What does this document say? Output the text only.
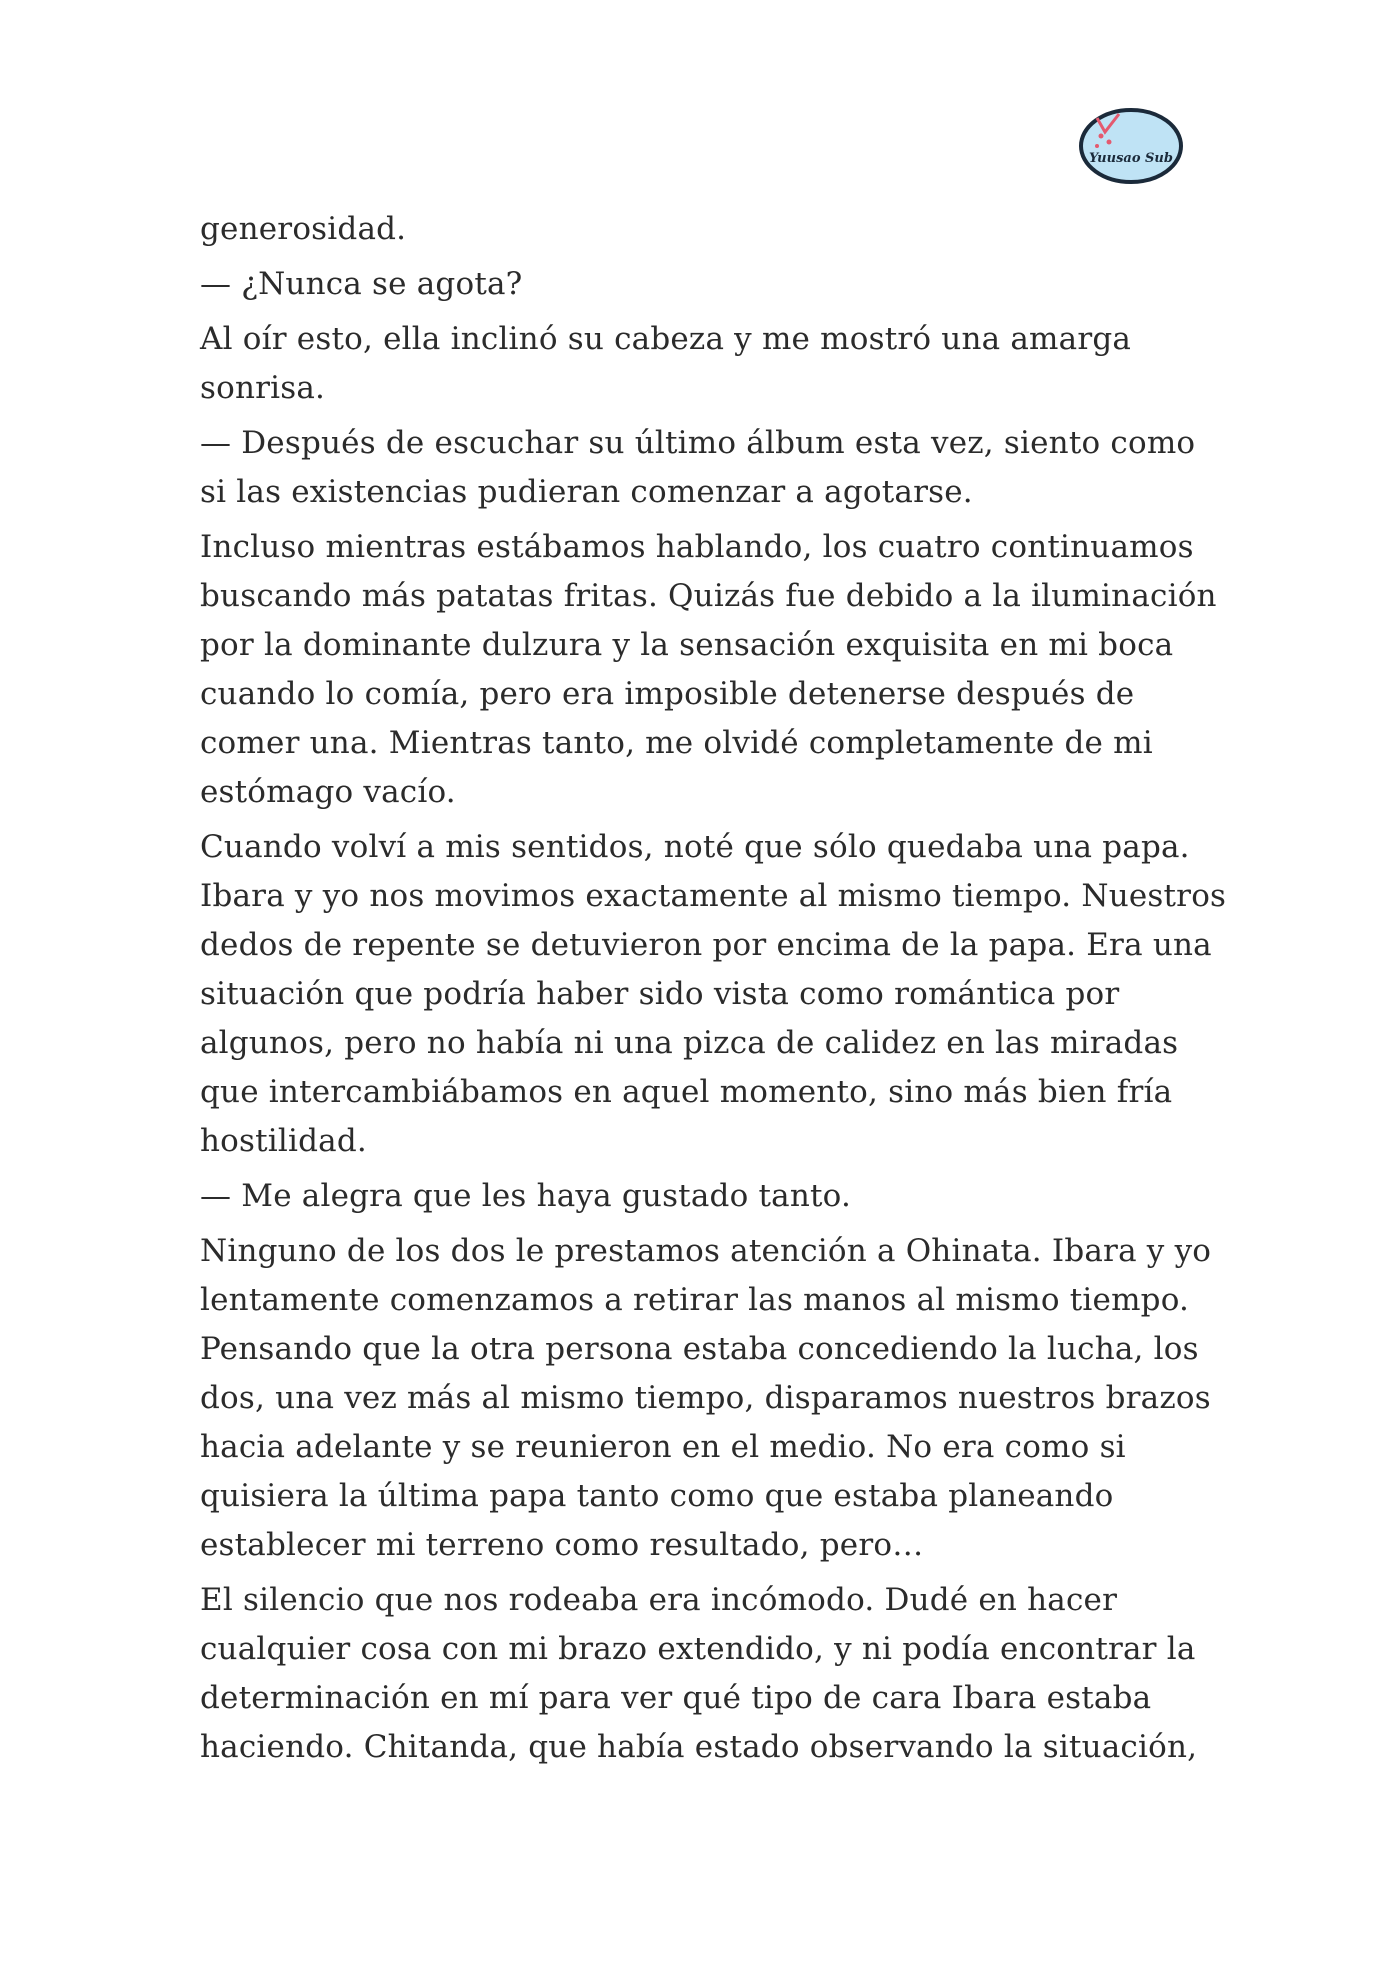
Yuusao Sub

generosidad.

— ¿Nunca se agota?

Al oír esto, ella inclinó su cabeza y me mostró una amarga
sonrisa.

— Después de escuchar su último álbum esta vez, siento como
si las existencias pudieran comenzar a agotarse.

Incluso mientras estábamos hablando, los cuatro continuamos
buscando más patatas fritas. Quizás fue debido a la iluminación
por la dominante dulzura y la sensación exquisita en mi boca
cuando lo comía, pero era imposible detenerse después de
comer una. Mientras tanto, me olvidé completamente de mi
estómago vacío.

Cuando volví a mis sentidos, noté que sólo quedaba una papa.
Ibara y yo nos movimos exactamente al mismo tiempo. Nuestros
dedos de repente se detuvieron por encima de la papa. Era una
situación que podría haber sido vista como romántica por
algunos, pero no había ni una pizca de calidez en las miradas
que intercambiábamos en aquel momento, sino más bien fría
hostilidad.

— Me alegra que les haya gustado tanto.

Ninguno de los dos le prestamos atención a Ohinata. Ibara y yo
lentamente comenzamos a retirar las manos al mismo tiempo.
Pensando que la otra persona estaba concediendo la lucha, los
dos, una vez más al mismo tiempo, disparamos nuestros brazos
hacia adelante y se reunieron en el medio. No era como si
quisiera la última papa tanto como que estaba planeando
establecer mi terreno como resultado, pero…

El silencio que nos rodeaba era incómodo. Dudé en hacer
cualquier cosa con mi brazo extendido, y ni podía encontrar la
determinación en mí para ver qué tipo de cara Ibara estaba
haciendo. Chitanda, que había estado observando la situación,
